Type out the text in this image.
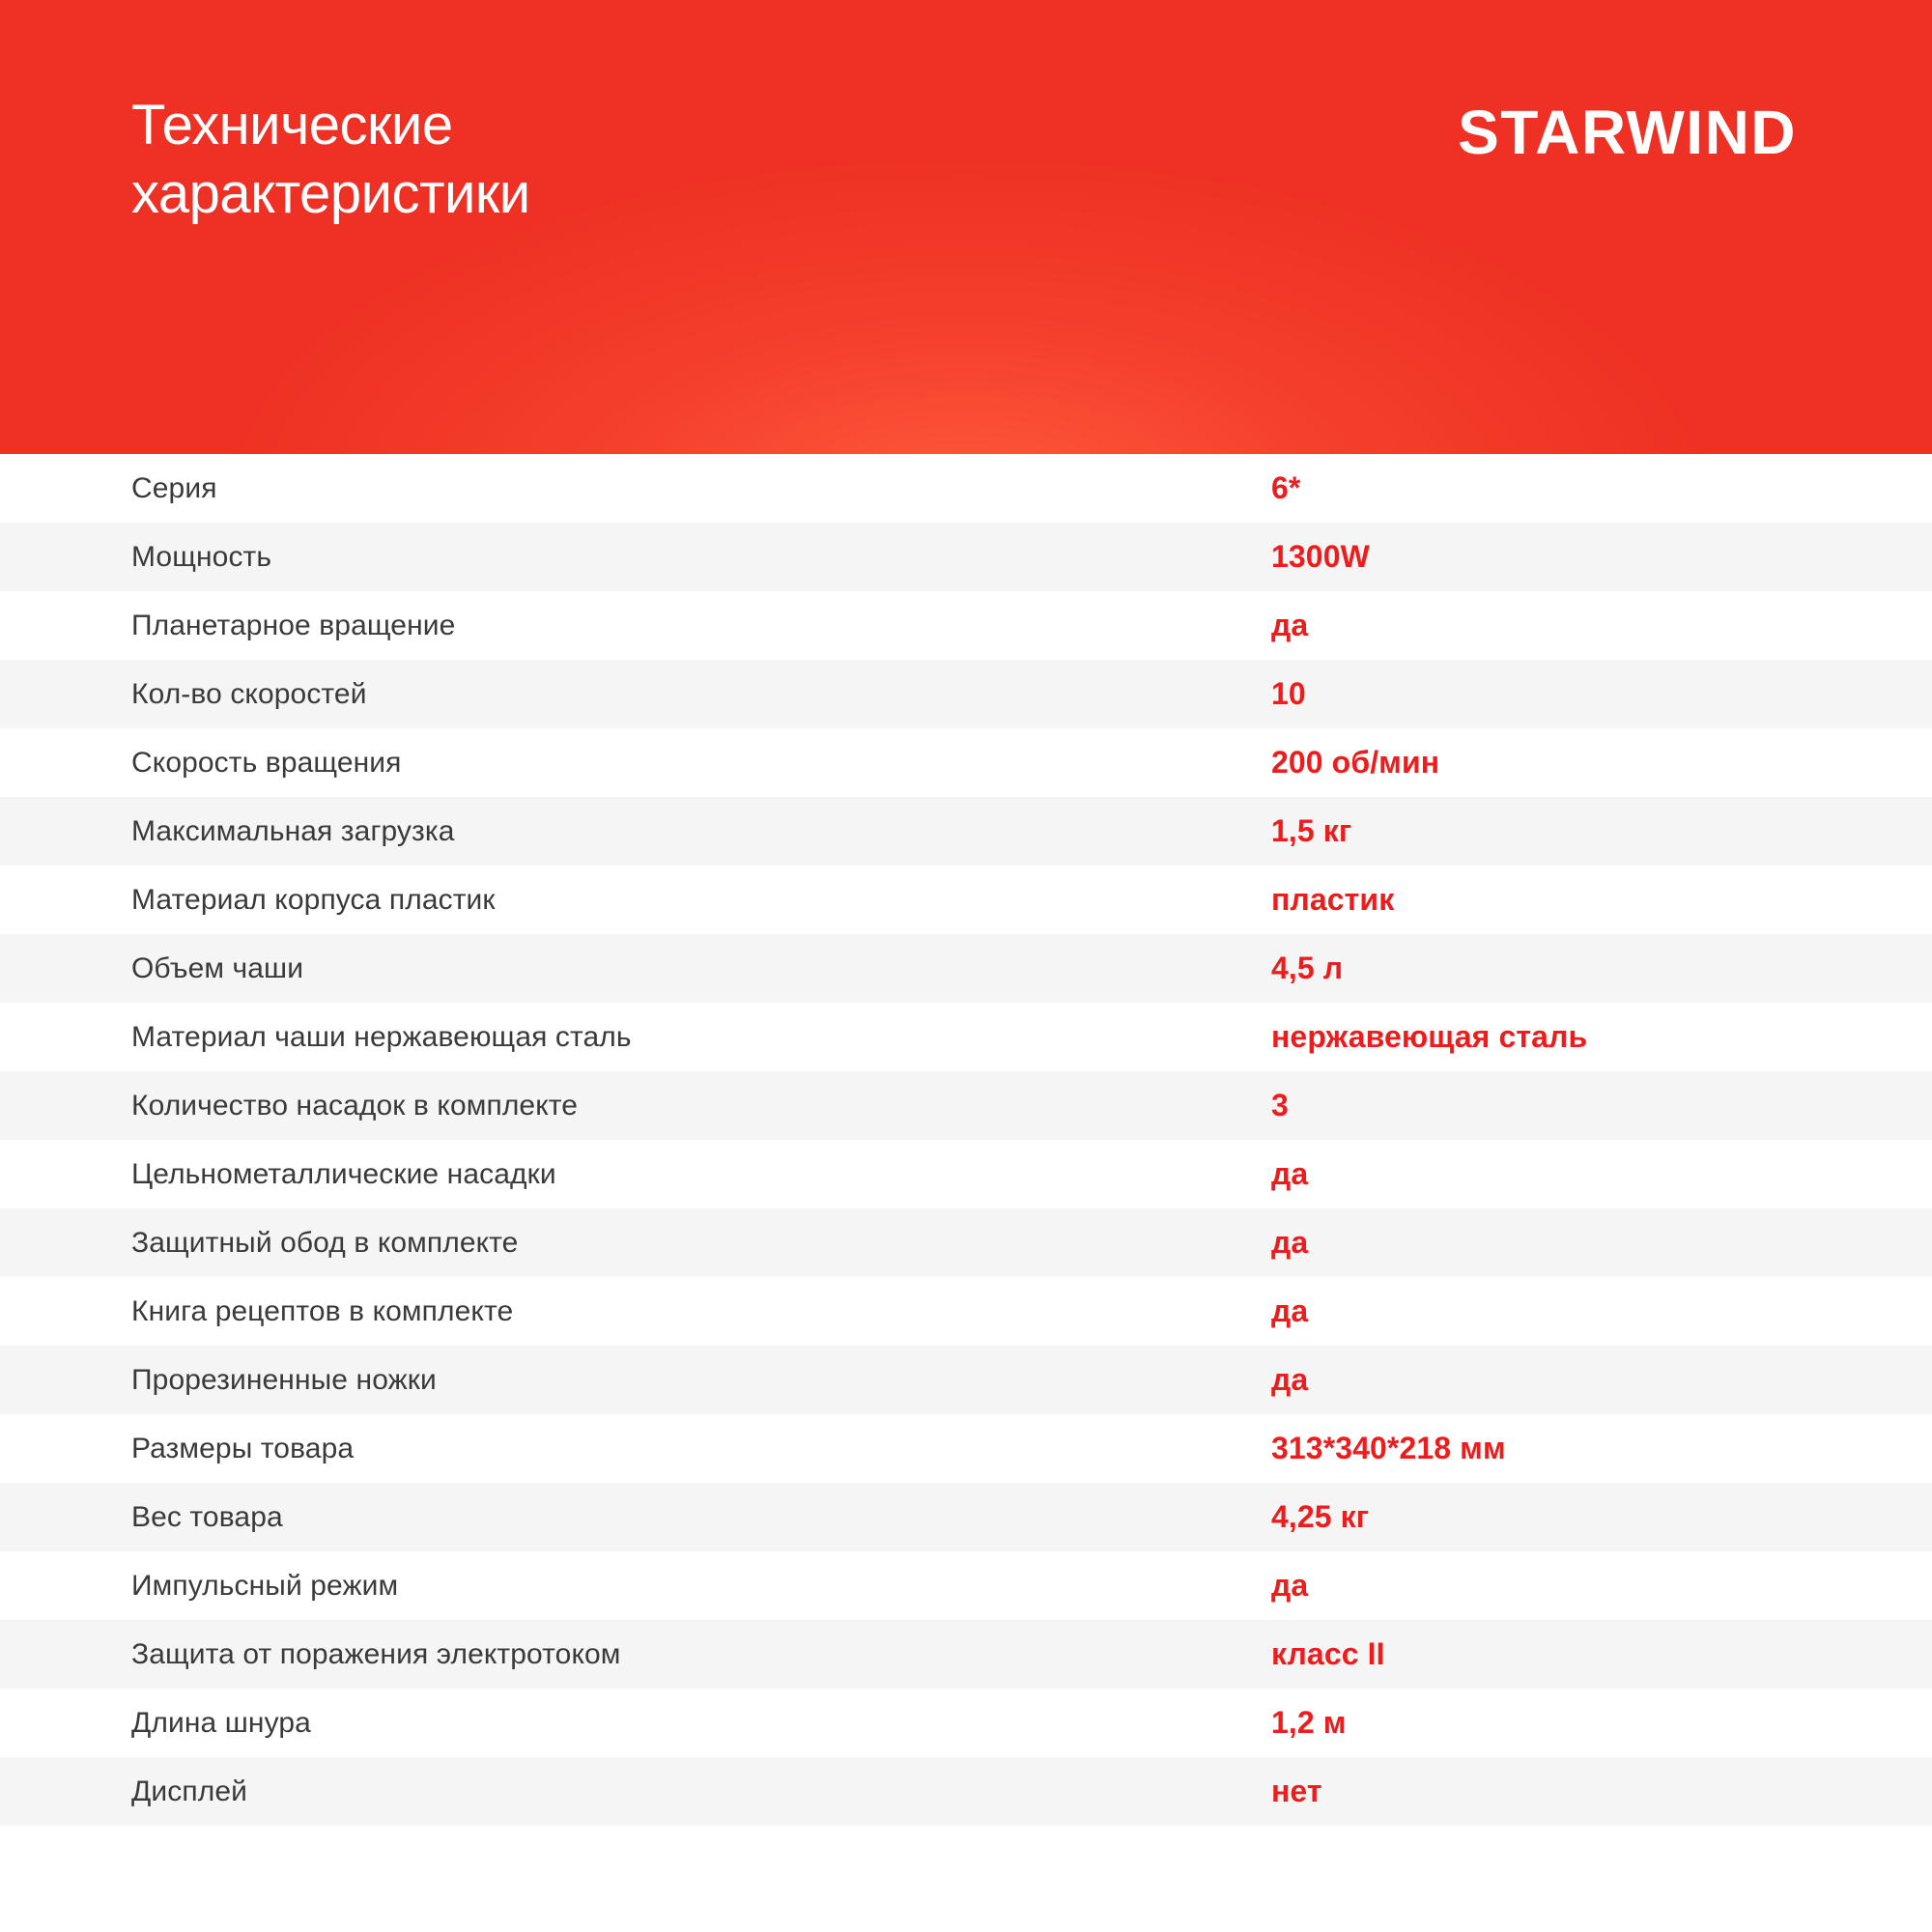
Технические
характеристики
STARWIND
Серия	6*
Мощность	1300W
Планетарное вращение	да
Кол-во скоростей	10
Скорость вращения	200 об/мин
Максимальная загрузка	1,5 кг
Материал корпуса пластик	пластик
Объем чаши	4,5 л
Материал чаши нержавеющая сталь	нержавеющая сталь
Количество насадок в комплекте	3
Цельнометаллические насадки	да
Защитный обод в комплекте	да
Книга рецептов в комплекте	да
Прорезиненные ножки	да
Размеры товара	313*340*218 мм
Вес товара	4,25 кг
Импульсный режим	да
Защита от поражения электротоком	класс II
Длина шнура	1,2 м
Дисплей	нет
